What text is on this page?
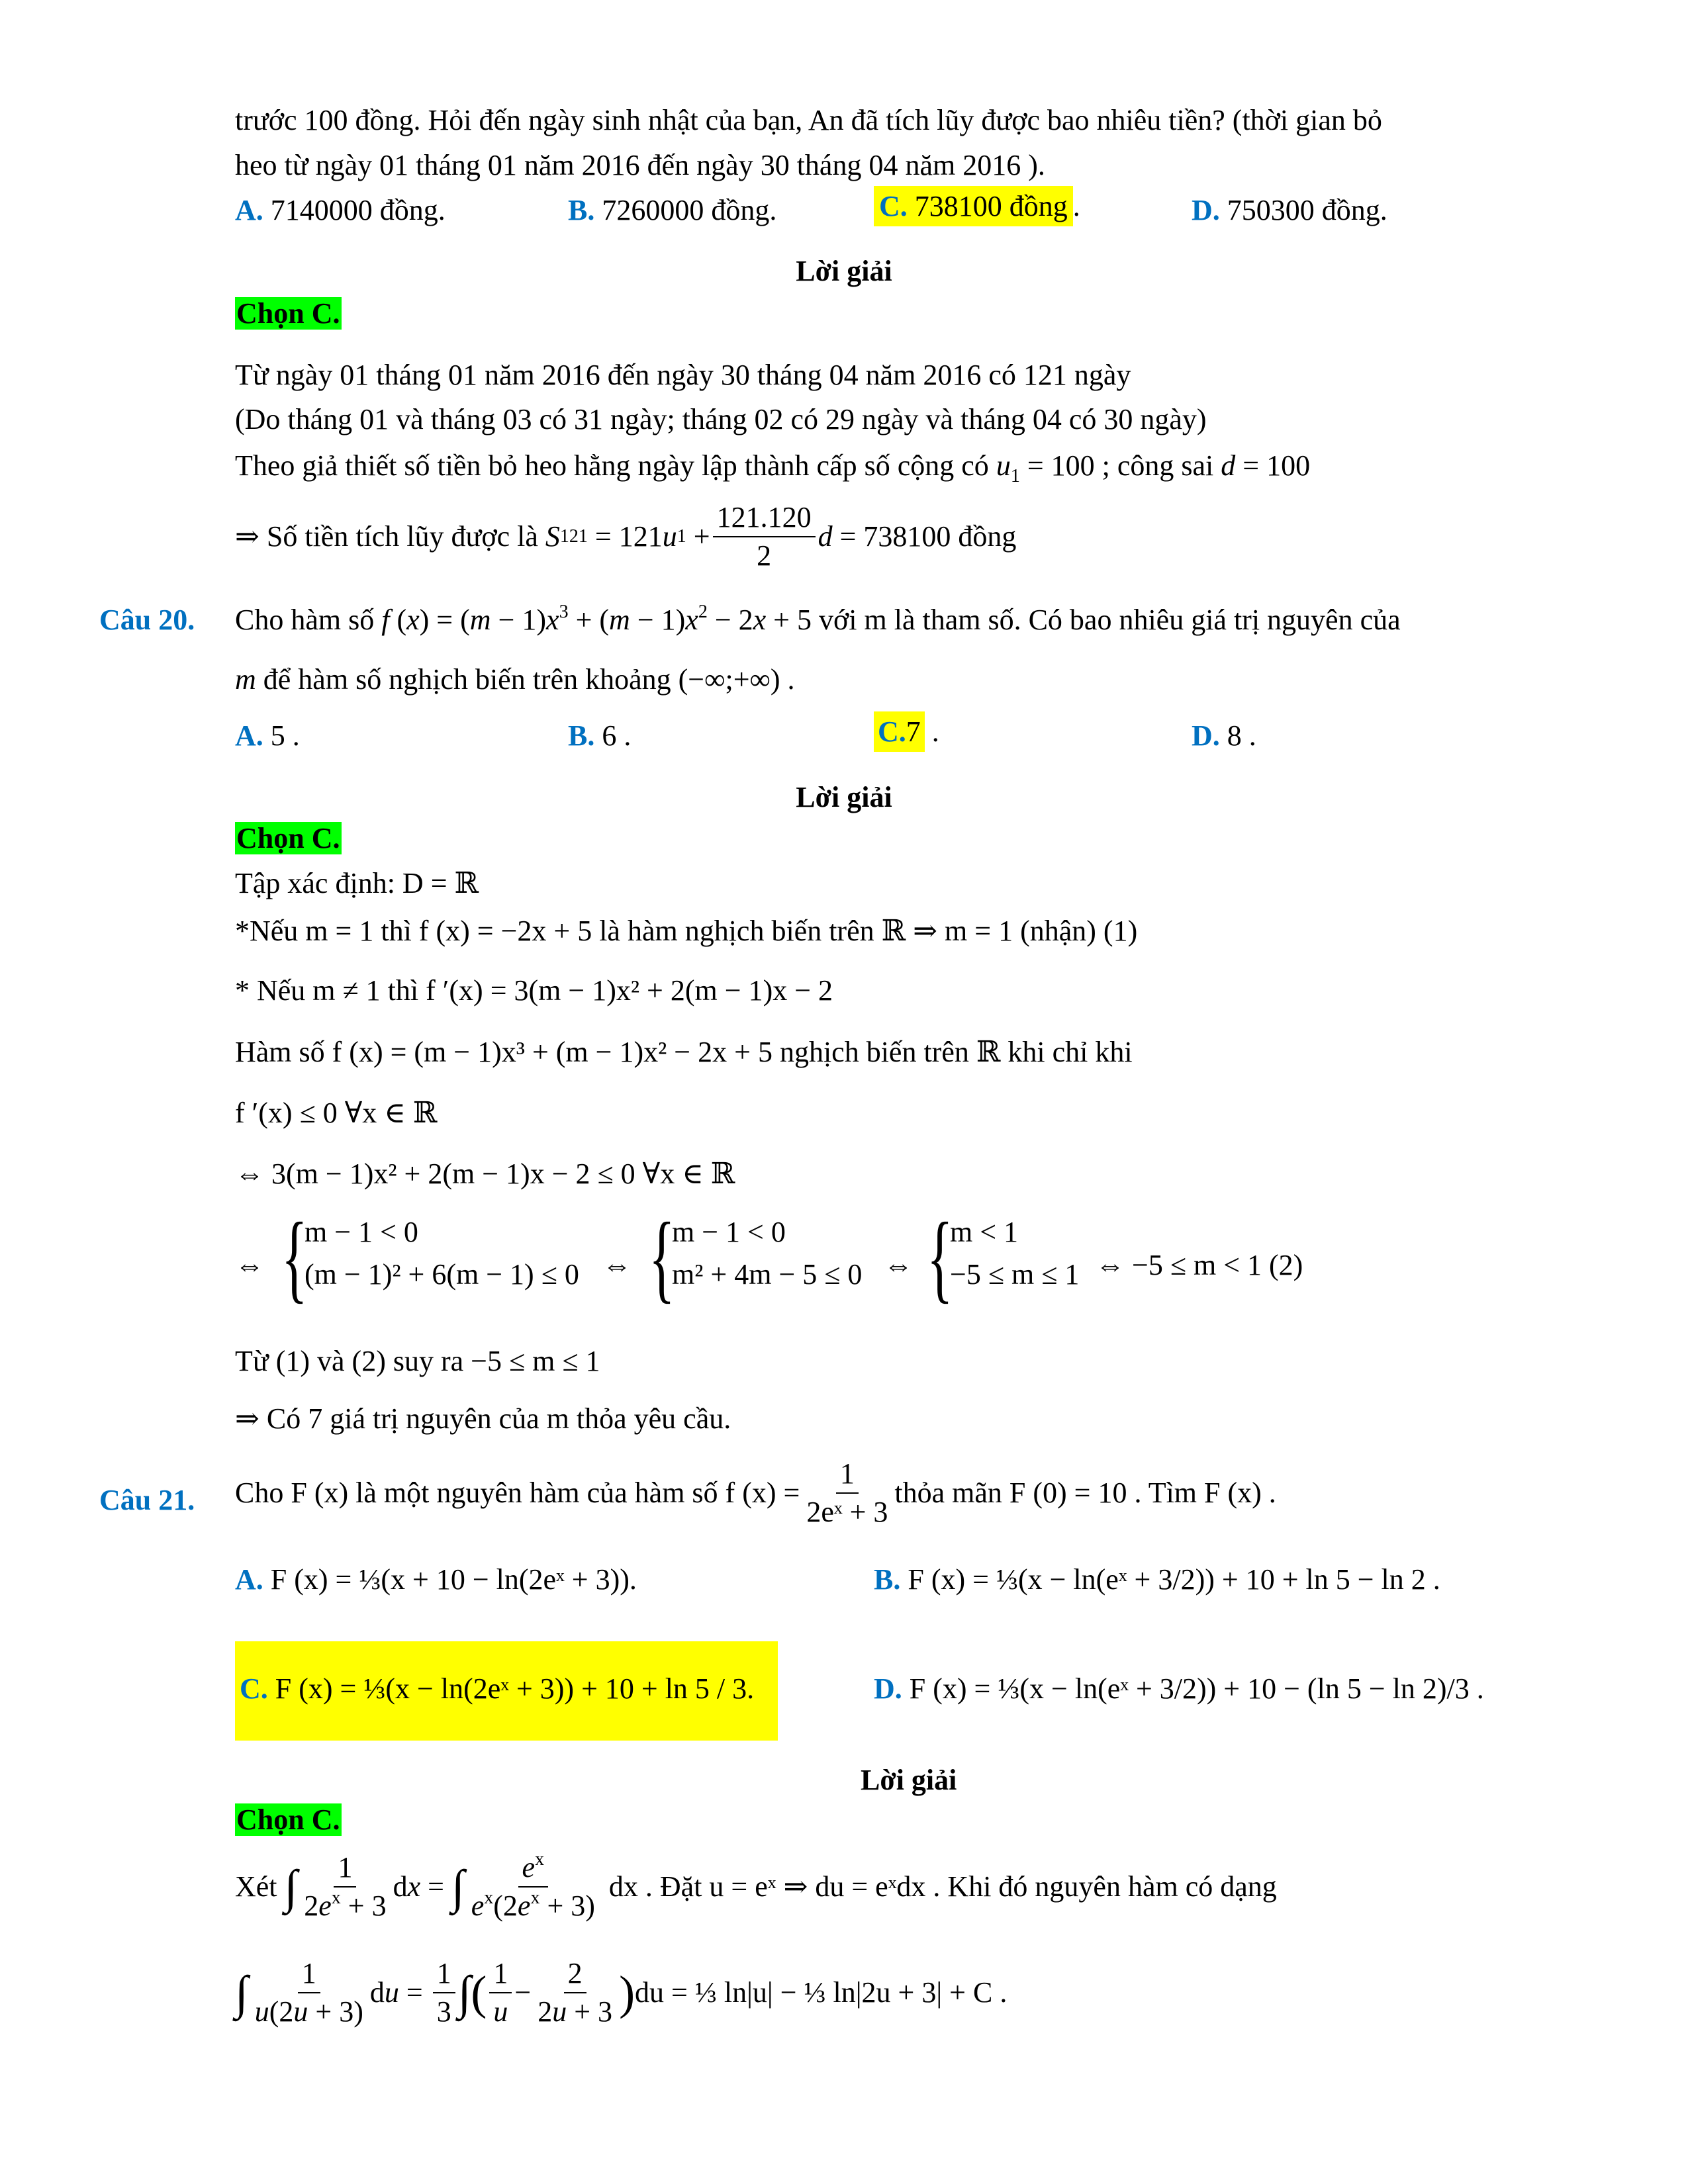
trước 100 đồng. Hỏi đến ngày sinh nhật của bạn, An đã tích lũy được bao nhiêu tiền? (thời gian bỏ
heo từ ngày 01 tháng 01 năm 2016 đến ngày 30 tháng 04 năm 2016 ).
A. 7140000 đồng.	B. 7260000 đồng.	C. 738100 đồng .	D. 750300 đồng.
Lời giải
Chọn C.
Từ ngày 01 tháng 01 năm 2016 đến ngày 30 tháng 04 năm 2016 có 121 ngày
(Do tháng 01 và tháng 03 có 31 ngày; tháng 02 có 29 ngày và tháng 04 có 30 ngày)
Theo giả thiết số tiền bỏ heo hằng ngày lập thành cấp số cộng có $u_1 = 100$ ; công sai d = 100
⇒ Số tiền tích lũy được là
S 121 = 121 u $1 + \frac{121.120}{2}$ d
= 738100 đồng
Câu 20. Cho hàm số f $(x) = (m - 1)x^3 + (m - 1)x^2 - 2x + 5$ với m là tham số. Có bao nhiêu giá trị nguyên của
m để hàm số nghịch biến trên khoảng (−∞;+∞) .
A. 5 .	B. 6 .	C.7 .	D. 8 .
Lời giải
Chọn C.
Tập xác định: D = ℝ
*Nếu m = 1 thì f (x) = −2x + 5 là hàm nghịch biến trên ℝ ⇒ m = 1 (nhận) (1)
* Nếu m ≠ 1 thì f ′(x) = 3(m − 1)x² + 2(m − 1)x − 2
Hàm số f (x) = (m − 1)x³ + (m − 1)x² − 2x + 5 nghịch biến trên ℝ khi chỉ khi
f ′(x) ≤ 0 ∀x ∈ ℝ
⇔ 3(m − 1)x² + 2(m − 1)x − 2 ≤ 0 ∀x ∈ ℝ
⇔ {
m − 1 < 0
(m − 1)² + 6(m − 1) ≤ 0 ⇔ {
m − 1 < 0
m² + 4m − 5 ≤ 0 ⇔ {
m < 1
−5 ≤ m ≤ 1 ⇔ −5 ≤ m < 1 (2)
Từ (1) và (2) suy ra −5 ≤ m ≤ 1
⇒ Có 7 giá trị nguyên của m thỏa yêu cầu.
Câu 21. Cho F (x) là một nguyên hàm của hàm số f $(x) = \frac{1}{\text{2eˣ + 3}}$ thỏa mãn F (0) = 10 . Tìm F (x) .
A. F (x) = ⅓(x + 10 − ln(2eˣ + 3)).	B. F (x) = ⅓(x − ln(eˣ + 3/2)) + 10 + ln 5 − ln 2 .
C. F (x) = ⅓(x − ln(2eˣ + 3)) + 10 + ln 5 / 3.	D. F (x) = ⅓(x − ln(eˣ + 3/2)) + 10 − (ln 5 − ln 2)/3 .
Lời giải
Chọn C.
Xét
∫ $\frac{1}{2e^x + 3}$ d x = ∫ $\frac{e^x}{e^x(2e^x + 3)}$
dx . Đặt u = eˣ ⇒ du = eˣdx . Khi đó nguyên hàm có dạng
∫ $\frac{1}{u(2u + 3)}$ d $u = \frac{1}{3}$ ∫ ( $\frac{1}{u} - \frac{2}{2u + 3}$ ) du = ⅓ ln|u| − ⅓ ln|2u + 3| + C .
